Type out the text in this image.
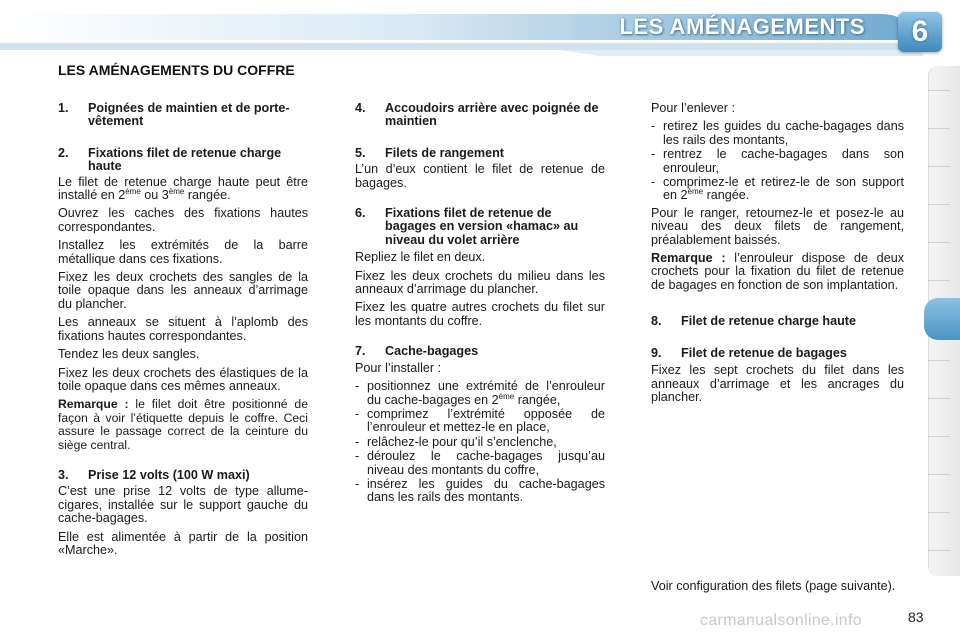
LES AMÉNAGEMENTS	6
LES AMÉNAGEMENTS DU COFFRE
1.	Poignées de maintien et de porte-vêtement
2.	Fixations filet de retenue charge haute

Le filet de retenue charge haute peut être installé en 2ème ou 3ème rangée.

Ouvrez les caches des fixations hautes correspondantes.

Installez les extrémités de la barre métallique dans ces fixations.

Fixez les deux crochets des sangles de la toile opaque dans les anneaux d’arrimage du plancher.

Les anneaux se situent à l’aplomb des fixations hautes correspondantes.

Tendez les deux sangles.

Fixez les deux crochets des élastiques de la toile opaque dans ces mêmes anneaux.

Remarque : le filet doit être positionné de façon à voir l’étiquette depuis le coffre. Ceci assure le passage correct de la ceinture du siège central.

3.	Prise 12 volts (100 W maxi)

C’est une prise 12 volts de type allume-cigares, installée sur le support gauche du cache-bagages.

Elle est alimentée à partir de la position «Marche».

4.	Accoudoirs arrière avec poignée de maintien
5.	Filets de rangement

L’un d’eux contient le filet de retenue de bagages.

6.	Fixations filet de retenue de bagages en version «hamac» au niveau du volet arrière

Repliez le filet en deux.

Fixez les deux crochets du milieu dans les anneaux d’arrimage du plancher.

Fixez les quatre autres crochets du filet sur les montants du coffre.

7.	Cache-bagages

Pour l’installer :

- positionnez une extrémité de l’enrouleur du cache-bagages en 2ème rangée,
- comprimez l’extrémité opposée de l’enrouleur et mettez-le en place,
- relâchez-le pour qu’il s’enclenche,
- déroulez le cache-bagages jusqu’au niveau des montants du coffre,
- insérez les guides du cache-bagages dans les rails des montants.

Pour l’enlever :

- retirez les guides du cache-bagages dans les rails des montants,
- rentrez le cache-bagages dans son enrouleur,
- comprimez-le et retirez-le de son support en 2ème rangée.

Pour le ranger, retournez-le et posez-le au niveau des deux filets de rangement, préalablement baissés.

Remarque : l’enrouleur dispose de deux crochets pour la fixation du filet de retenue de bagages en fonction de son implantation.

8.	Filet de retenue charge haute
9.	Filet de retenue de bagages

Fixez les sept crochets du filet dans les anneaux d’arrimage et les ancrages du plancher.

Voir configuration des filets (page suivante).

carmanualsonline.info	83
